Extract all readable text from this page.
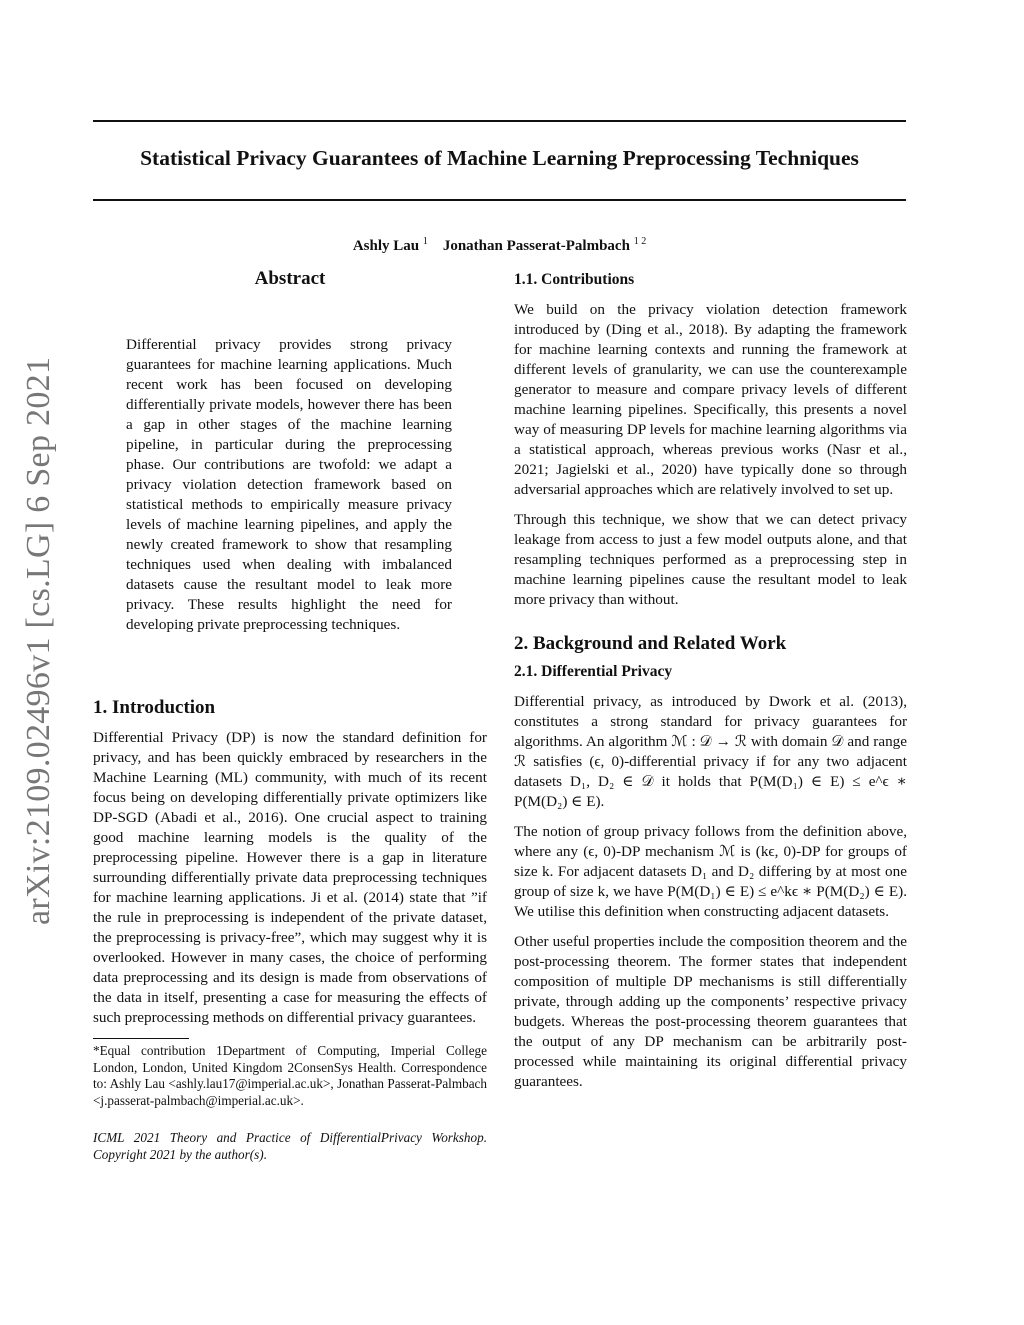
arXiv:2109.02496v1 [cs.LG] 6 Sep 2021
Statistical Privacy Guarantees of Machine Learning Preprocessing Techniques
Ashly Lau $^1$ Jonathan Passerat-Palmbach $^{1 2}$
Abstract
Differential privacy provides strong privacy guarantees for machine learning applications. Much recent work has been focused on developing differentially private models, however there has been a gap in other stages of the machine learning pipeline, in particular during the preprocessing phase. Our contributions are twofold: we adapt a privacy violation detection framework based on statistical methods to empirically measure privacy levels of machine learning pipelines, and apply the newly created framework to show that resampling techniques used when dealing with imbalanced datasets cause the resultant model to leak more privacy. These results highlight the need for developing private preprocessing techniques.
1. Introduction

Differential Privacy (DP) is now the standard definition for privacy, and has been quickly embraced by researchers in the Machine Learning (ML) community, with much of its recent focus being on developing differentially private optimizers like DP-SGD (Abadi et al., 2016). One crucial aspect to training good machine learning models is the quality of the preprocessing pipeline. However there is a gap in literature surrounding differentially private data preprocessing techniques for machine learning applications. Ji et al. (2014) state that ”if the rule in preprocessing is independent of the private dataset, the preprocessing is privacy-free”, which may suggest why it is overlooked. However in many cases, the choice of performing data preprocessing and its design is made from observations of the data in itself, presenting a case for measuring the effects of such preprocessing methods on differential privacy guarantees.

*Equal contribution 1Department of Computing, Imperial College London, London, United Kingdom 2ConsenSys Health. Correspondence to: Ashly Lau <ashly.lau17@imperial.ac.uk>, Jonathan Passerat-Palmbach <j.passerat-palmbach@imperial.ac.uk>.
ICML 2021 Theory and Practice of DifferentialPrivacy Workshop. Copyright 2021 by the author(s).
1.1. Contributions

We build on the privacy violation detection framework introduced by (Ding et al., 2018). By adapting the framework for machine learning contexts and running the framework at different levels of granularity, we can use the counterexample generator to measure and compare privacy levels of different machine learning pipelines. Specifically, this presents a novel way of measuring DP levels for machine learning algorithms via a statistical approach, whereas previous works (Nasr et al., 2021; Jagielski et al., 2020) have typically done so through adversarial approaches which are relatively involved to set up.

Through this technique, we show that we can detect privacy leakage from access to just a few model outputs alone, and that resampling techniques performed as a preprocessing step in machine learning pipelines cause the resultant model to leak more privacy than without.

2. Background and Related Work
2.1. Differential Privacy

Differential privacy, as introduced by Dwork et al. (2013), constitutes a strong standard for privacy guarantees for algorithms. An algorithm ℳ : 𝒟 → ℛ with domain 𝒟 and range ℛ satisfies (ϵ, 0)-differential privacy if for any two adjacent datasets D₁, D₂ ∈ 𝒟 it holds that P(M(D₁) ∈ E) ≤ e^ϵ ∗ P(M(D₂) ∈ E).

The notion of group privacy follows from the definition above, where any (ϵ, 0)-DP mechanism ℳ is (kϵ, 0)-DP for groups of size k. For adjacent datasets D₁ and D₂ differing by at most one group of size k, we have P(M(D₁) ∈ E) ≤ e^kϵ ∗ P(M(D₂) ∈ E). We utilise this definition when constructing adjacent datasets.

Other useful properties include the composition theorem and the post-processing theorem. The former states that independent composition of multiple DP mechanisms is still differentially private, through adding up the components’ respective privacy budgets. Whereas the post-processing theorem guarantees that the output of any DP mechanism can be arbitrarily post-processed while maintaining its original differential privacy guarantees.
